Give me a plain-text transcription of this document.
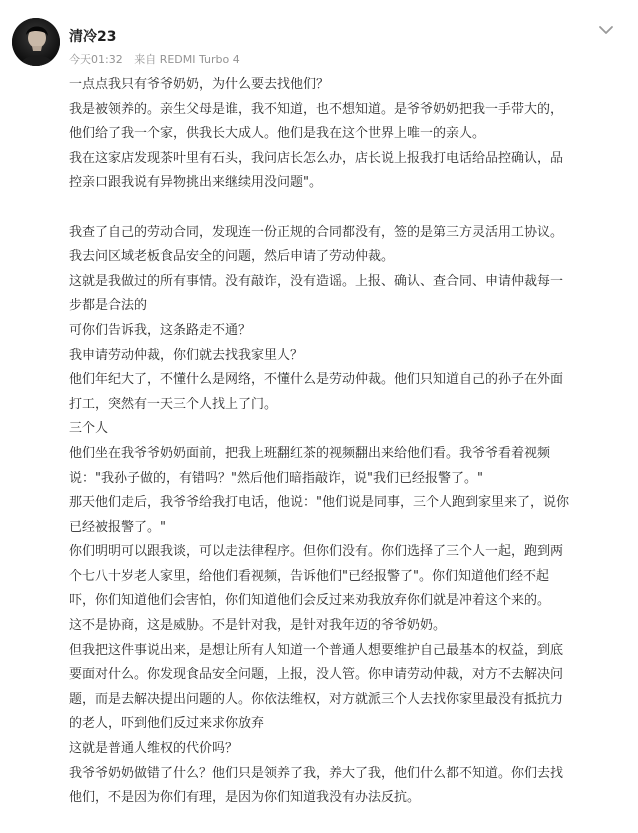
清冷23
今天01:32 来自 REDMI Turbo 4
一点点我只有爷爷奶奶，为什么要去找他们？
我是被领养的。亲生父母是谁，我不知道，也不想知道。是爷爷奶奶把我一手带大的，
他们给了我一个家，供我长大成人。他们是我在这个世界上唯一的亲人。
我在这家店发现茶叶里有石头，我问店长怎么办，店长说上报我打电话给品控确认，品
控亲口跟我说有异物挑出来继续用没问题"。
我查了自己的劳动合同，发现连一份正规的合同都没有，签的是第三方灵活用工协议。
我去问区域老板食品安全的问题，然后申请了劳动仲裁。
这就是我做过的所有事情。没有敲诈，没有造谣。上报、确认、查合同、申请仲裁每一
步都是合法的
可你们告诉我，这条路走不通？
我申请劳动仲裁，你们就去找我家里人？
他们年纪大了，不懂什么是网络，不懂什么是劳动仲裁。他们只知道自己的孙子在外面
打工，突然有一天三个人找上了门。
三个人
他们坐在我爷爷奶奶面前，把我上班翻红茶的视频翻出来给他们看。我爷爷看着视频
说："我孙子做的，有错吗？"然后他们暗指敲诈，说"我们已经报警了。"
那天他们走后，我爷爷给我打电话，他说："他们说是同事，三个人跑到家里来了，说你
已经被报警了。"
你们明明可以跟我谈，可以走法律程序。但你们没有。你们选择了三个人一起，跑到两
个七八十岁老人家里，给他们看视频，告诉他们"已经报警了"。你们知道他们经不起
吓，你们知道他们会害怕，你们知道他们会反过来劝我放弃你们就是冲着这个来的。
这不是协商，这是威胁。不是针对我，是针对我年迈的爷爷奶奶。
但我把这件事说出来，是想让所有人知道一个普通人想要维护自己最基本的权益，到底
要面对什么。你发现食品安全问题，上报，没人管。你申请劳动仲裁，对方不去解决问
题，而是去解决提出问题的人。你依法维权，对方就派三个人去找你家里最没有抵抗力
的老人，吓到他们反过来求你放弃
这就是普通人维权的代价吗？
我爷爷奶奶做错了什么？他们只是领养了我，养大了我，他们什么都不知道。你们去找
他们，不是因为你们有理，是因为你们知道我没有办法反抗。
